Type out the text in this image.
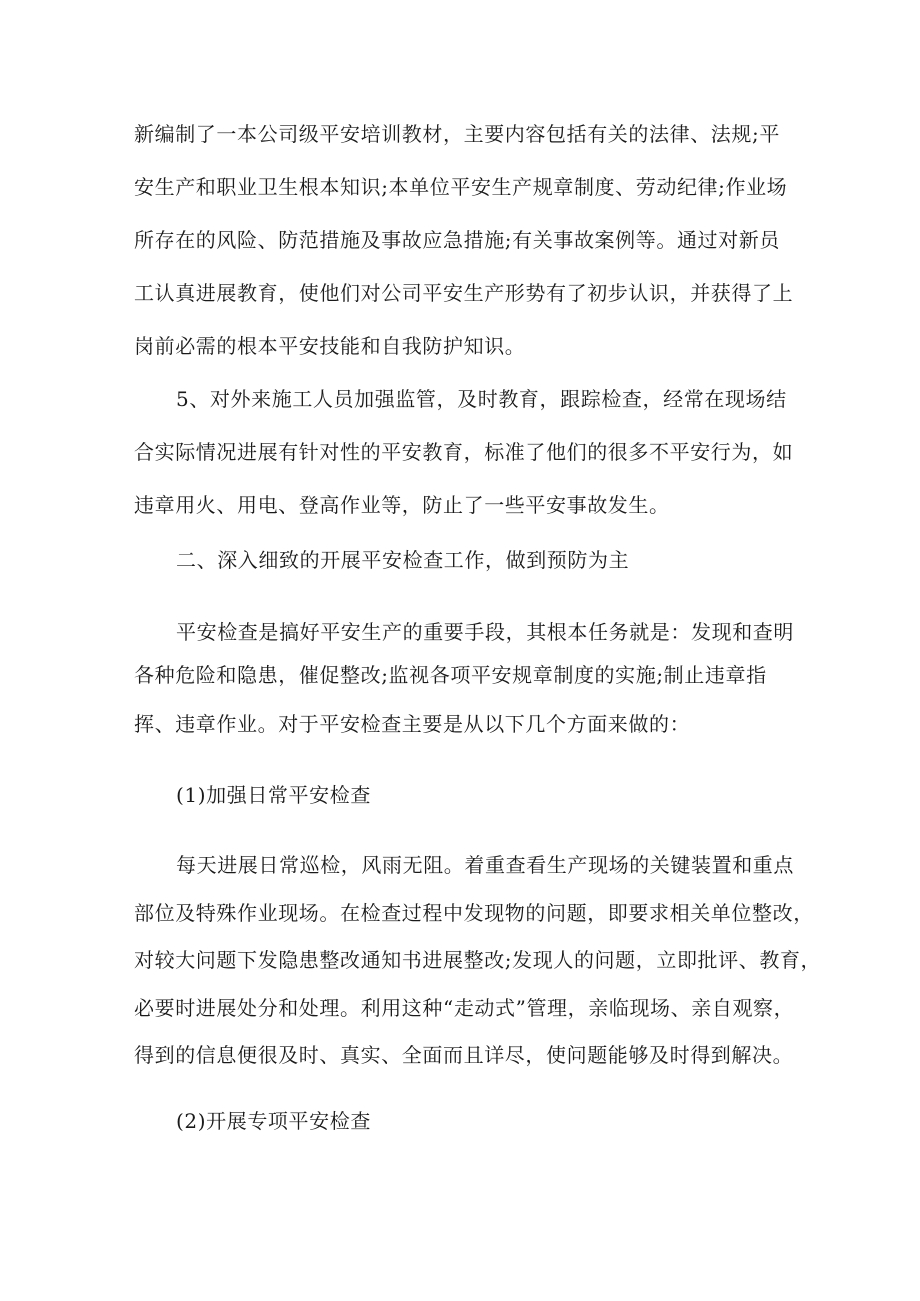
新编制了一本公司级平安培训教材，主要内容包括有关的法律、法规;平
安生产和职业卫生根本知识;本单位平安生产规章制度、劳动纪律;作业场
所存在的风险、防范措施及事故应急措施;有关事故案例等。通过对新员
工认真进展教育，使他们对公司平安生产形势有了初步认识，并获得了上
岗前必需的根本平安技能和自我防护知识。
5、对外来施工人员加强监管，及时教育，跟踪检查，经常在现场结
合实际情况进展有针对性的平安教育，标准了他们的很多不平安行为，如
违章用火、用电、登高作业等，防止了一些平安事故发生。
二、深入细致的开展平安检查工作，做到预防为主
平安检查是搞好平安生产的重要手段，其根本任务就是：发现和查明
各种危险和隐患，催促整改;监视各项平安规章制度的实施;制止违章指
挥、违章作业。对于平安检查主要是从以下几个方面来做的：
(1)加强日常平安检查
每天进展日常巡检，风雨无阻。着重查看生产现场的关键装置和重点
部位及特殊作业现场。在检查过程中发现物的问题，即要求相关单位整改，
对较大问题下发隐患整改通知书进展整改;发现人的问题，立即批评、教育，
必要时进展处分和处理。利用这种“走动式”管理，亲临现场、亲自观察，
得到的信息便很及时、真实、全面而且详尽，使问题能够及时得到解决。
(2)开展专项平安检查
